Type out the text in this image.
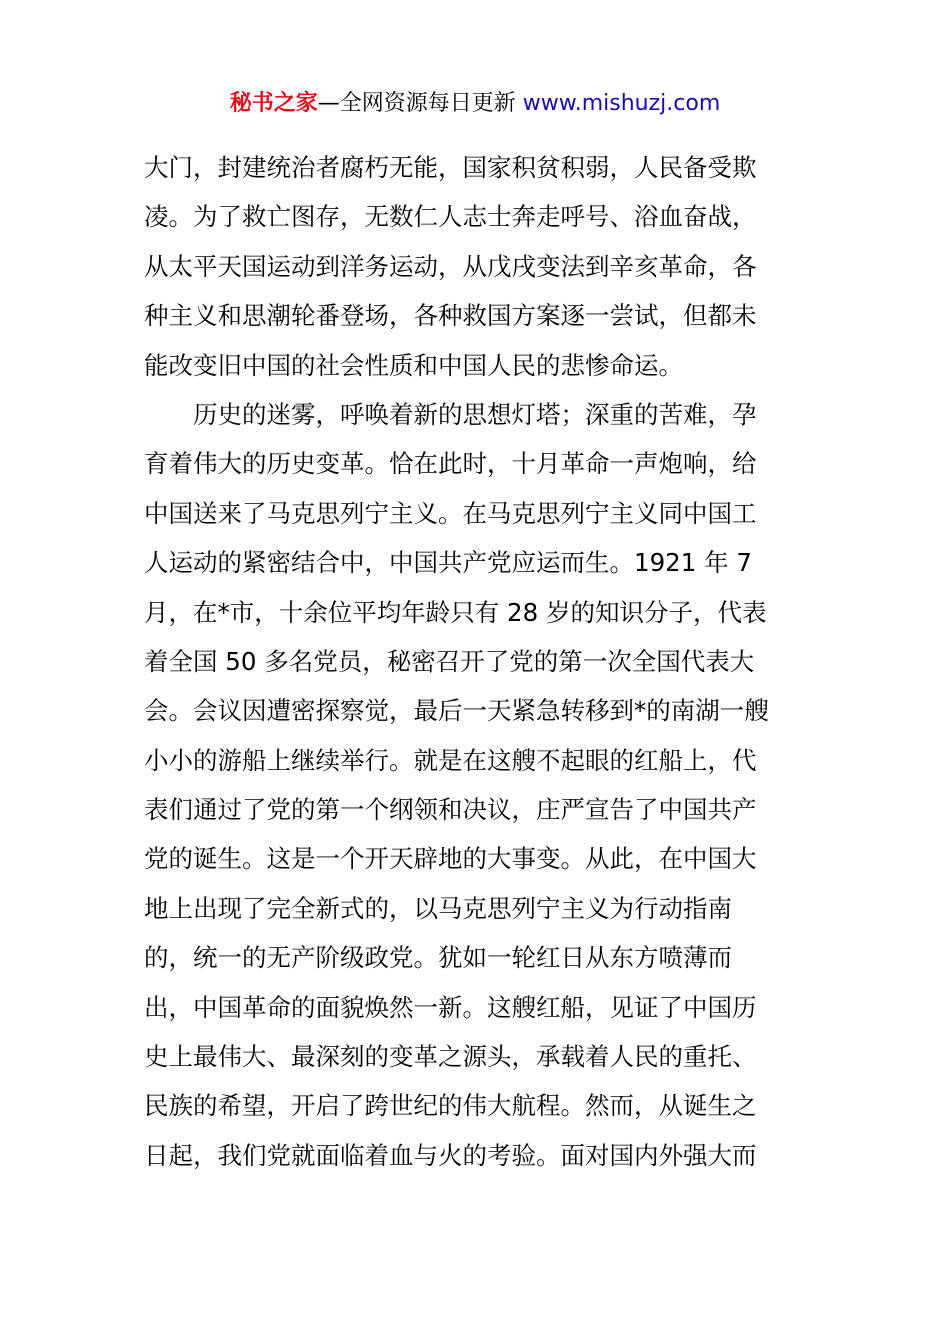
秘书之家—全网资源每日更新 www.mishuzj.com
大门，封建统治者腐朽无能，国家积贫积弱，人民备受欺
凌。为了救亡图存，无数仁人志士奔走呼号、浴血奋战，
从太平天国运动到洋务运动，从戊戌变法到辛亥革命，各
种主义和思潮轮番登场，各种救国方案逐一尝试，但都未
能改变旧中国的社会性质和中国人民的悲惨命运。
历史的迷雾，呼唤着新的思想灯塔；深重的苦难，孕
育着伟大的历史变革。恰在此时，十月革命一声炮响，给
中国送来了马克思列宁主义。在马克思列宁主义同中国工
人运动的紧密结合中，中国共产党应运而生。1921 年 7
月，在*市，十余位平均年龄只有 28 岁的知识分子，代表
着全国 50 多名党员，秘密召开了党的第一次全国代表大
会。会议因遭密探察觉，最后一天紧急转移到*的南湖一艘
小小的游船上继续举行。就是在这艘不起眼的红船上，代
表们通过了党的第一个纲领和决议，庄严宣告了中国共产
党的诞生。这是一个开天辟地的大事变。从此，在中国大
地上出现了完全新式的，以马克思列宁主义为行动指南
的，统一的无产阶级政党。犹如一轮红日从东方喷薄而
出，中国革命的面貌焕然一新。这艘红船，见证了中国历
史上最伟大、最深刻的变革之源头，承载着人民的重托、
民族的希望，开启了跨世纪的伟大航程。然而，从诞生之
日起，我们党就面临着血与火的考验。面对国内外强大而
